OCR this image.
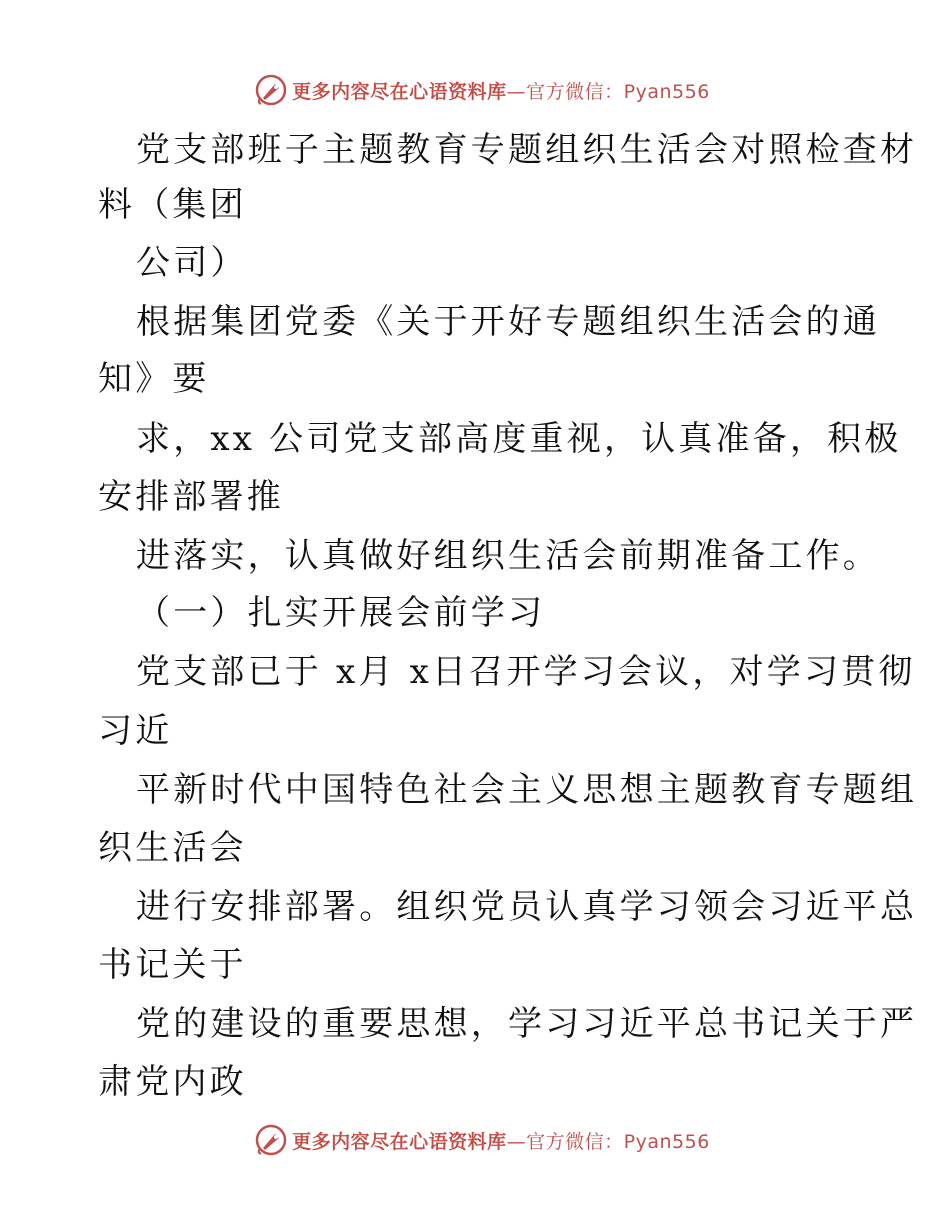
更多内容尽在心语资料库—官方微信：Pyan556
党支部班子主题教育专题组织生活会对照检查材
料（集团
公司）
根据集团党委《关于开好专题组织生活会的通
知》要
求，xx 公司党支部高度重视，认真准备，积极
安排部署推
进落实，认真做好组织生活会前期准备工作。
（一）扎实开展会前学习
党支部已于 x月 x日召开学习会议，对学习贯彻
习近
平新时代中国特色社会主义思想主题教育专题组
织生活会
进行安排部署。组织党员认真学习领会习近平总
书记关于
党的建设的重要思想，学习习近平总书记关于严
肃党内政
更多内容尽在心语资料库—官方微信：Pyan556
